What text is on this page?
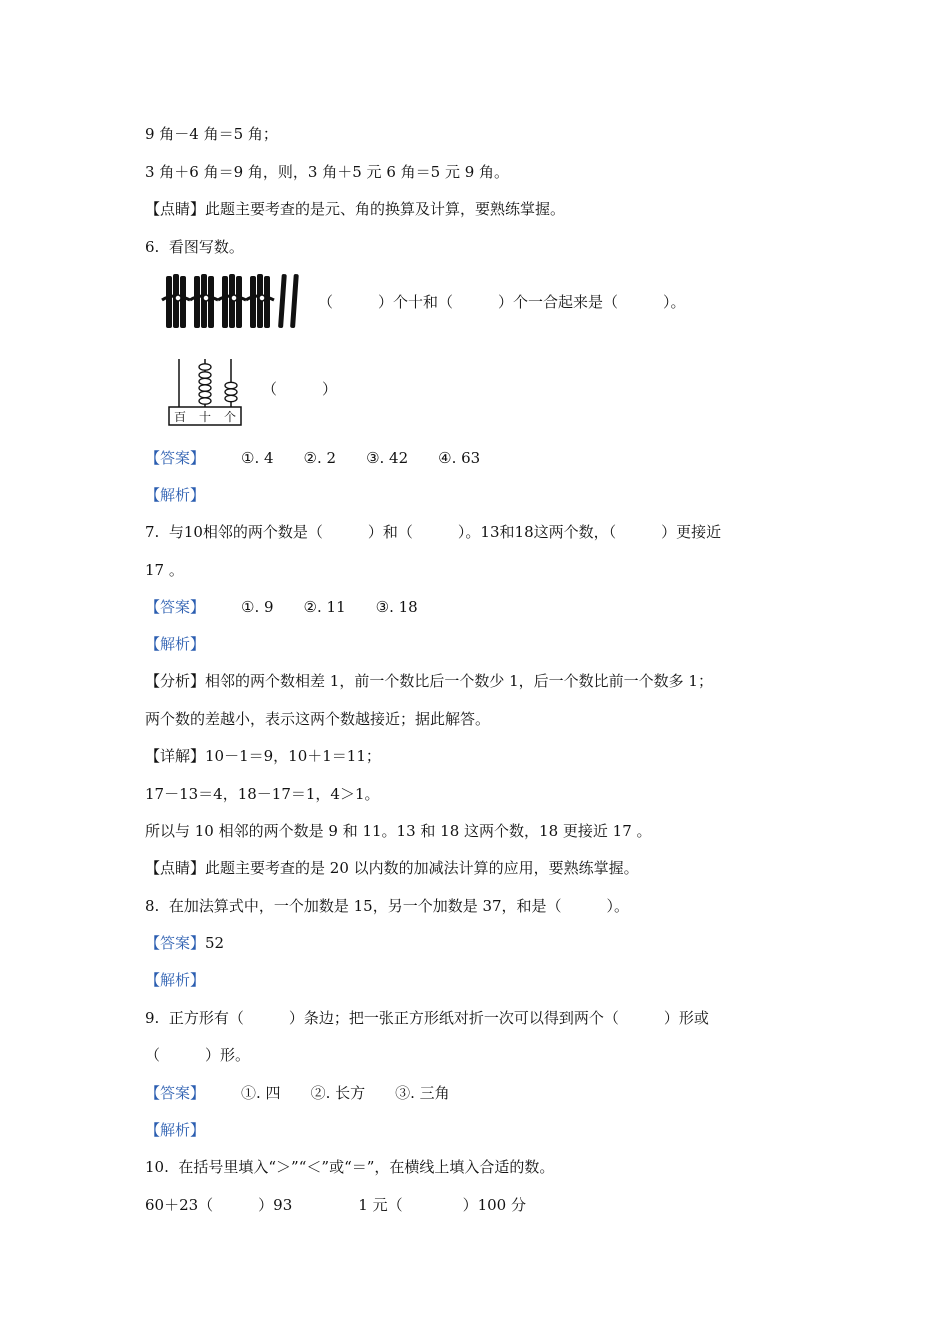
9 角－4 角＝5 角；
3 角＋6 角＝9 角，则，3 角＋5 元 6 角＝5 元 9 角。
【点睛】此题主要考查的是元、角的换算及计算，要熟练掌握。
6.  看图写数。
（　　　）个十和（　　　）个一合起来是（　　　）。
百 十 个
（　　　）
【答案】 ①. 4 ②. 2 ③. 42 ④. 63
【解析】
7.  与10相邻的两个数是（　　　）和（　　　）。13和18这两个数，（　　　）更接近
17 。
【答案】 ①. 9 ②. 11 ③. 18
【解析】
【分析】相邻的两个数相差 1，前一个数比后一个数少 1，后一个数比前一个数多 1；
两个数的差越小，表示这两个数越接近；据此解答。
【详解】10－1＝9，10＋1＝11；
17－13＝4，18－17＝1，4＞1。
所以与 10 相邻的两个数是 9 和 11。13 和 18 这两个数，18 更接近 17 。
【点睛】此题主要考查的是 20 以内数的加减法计算的应用，要熟练掌握。
8.  在加法算式中，一个加数是 15，另一个加数是 37，和是（　　　）。
【答案】52
【解析】
9.  正方形有（　　　）条边；把一张正方形纸对折一次可以得到两个（　　　）形或
（　　　）形。
【答案】 ①. 四 ②. 长方 ③. 三角
【解析】
10.  在括号里填入“＞”“＜”或“＝”，在横线上填入合适的数。
60＋23（　　　）93	1 元（　　　　）100 分
